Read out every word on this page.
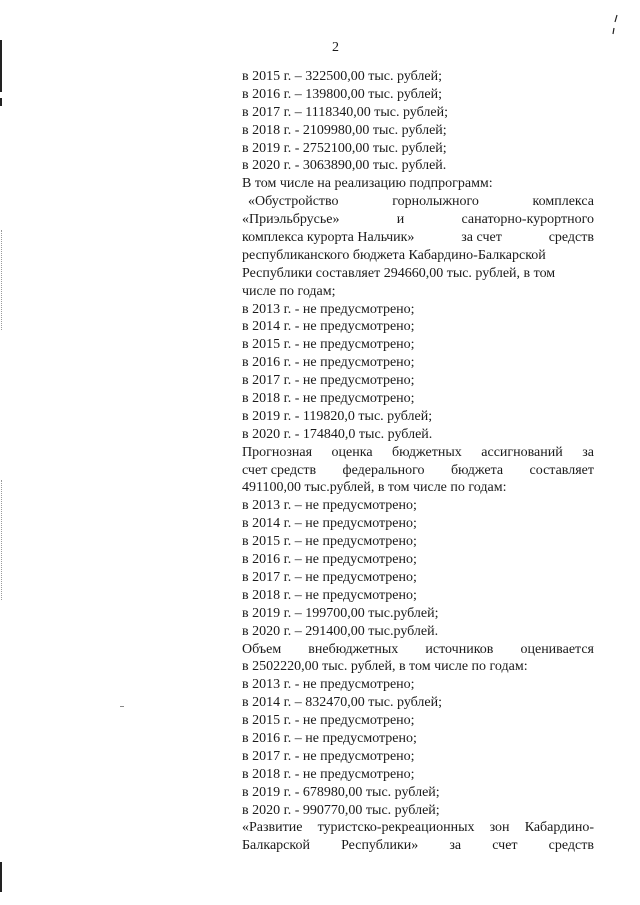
2
в 2015 г. – 322500,00 тыс. рублей;
в 2016 г. – 139800,00 тыс. рублей;
в 2017 г. – 1118340,00 тыс. рублей;
в 2018 г. - 2109980,00 тыс. рублей;
в 2019 г. - 2752100,00 тыс. рублей;
в 2020 г. - 3063890,00 тыс. рублей.
В том числе на реализацию подпрограмм:
«Обустройство	горнолыжного	комплекса
«Приэльбрусье»	и	санаторно-курортного
комплекса курорта Нальчик»	за счет	средств
республиканского бюджета Кабардино-Балкарской
Республики составляет 294660,00 тыс. рублей, в том
числе по годам;
в 2013 г. - не предусмотрено;
в 2014 г. - не предусмотрено;
в 2015 г. - не предусмотрено;
в 2016 г. - не предусмотрено;
в 2017 г. - не предусмотрено;
в 2018 г. - не предусмотрено;
в 2019 г. - 119820,0 тыс. рублей;
в 2020 г. - 174840,0 тыс. рублей.
Прогнозная оценка бюджетных ассигнований за
счет средств федерального бюджета составляет
491100,00 тыс.рублей, в том числе по годам:
в 2013 г. – не предусмотрено;
в 2014 г. – не предусмотрено;
в 2015 г. – не предусмотрено;
в 2016 г. – не предусмотрено;
в 2017 г. – не предусмотрено;
в 2018 г. – не предусмотрено;
в 2019 г. – 199700,00 тыс.рублей;
в 2020 г. – 291400,00 тыс.рублей.
Объем внебюджетных источников оценивается
в 2502220,00 тыс. рублей, в том числе по годам:
в 2013 г. - не предусмотрено;
в 2014 г. – 832470,00 тыс. рублей;
в 2015 г. - не предусмотрено;
в 2016 г. – не предусмотрено;
в 2017 г. - не предусмотрено;
в 2018 г. - не предусмотрено;
в 2019 г. - 678980,00 тыс. рублей;
в 2020 г. - 990770,00 тыс. рублей;
«Развитие туристско-рекреационных зон Кабардино-
Балкарской Республики» за счет средств
